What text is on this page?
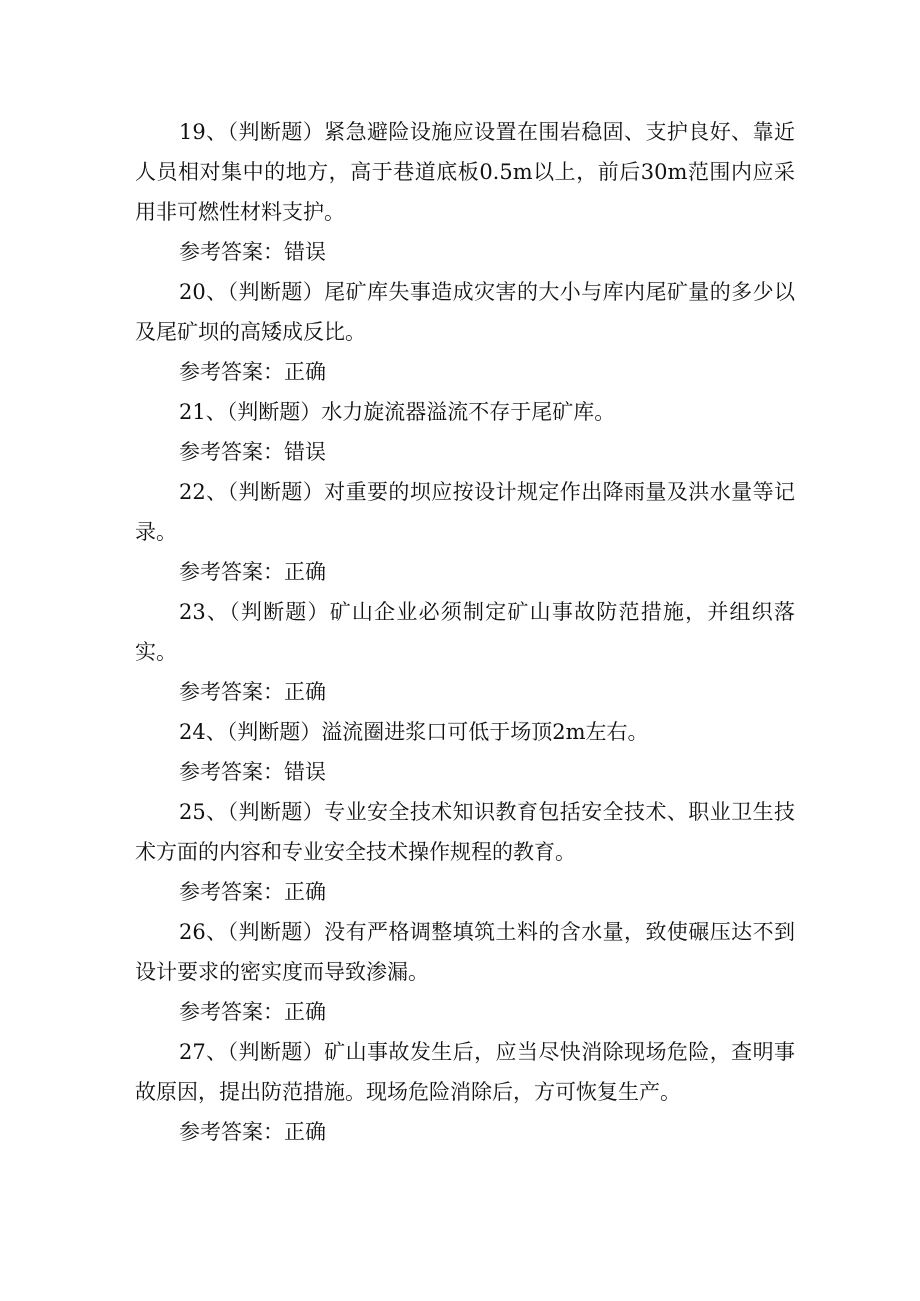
19、（判断题）紧急避险设施应设置在围岩稳固、支护良好、靠近人员相对集中的地方，高于巷道底板0.5m以上，前后30m范围内应采用非可燃性材料支护。

参考答案：错误

20、（判断题）尾矿库失事造成灾害的大小与库内尾矿量的多少以及尾矿坝的高矮成反比。

参考答案：正确

21、（判断题）水力旋流器溢流不存于尾矿库。

参考答案：错误

22、（判断题）对重要的坝应按设计规定作出降雨量及洪水量等记录。

参考答案：正确

23、（判断题）矿山企业必须制定矿山事故防范措施，并组织落实。

参考答案：正确

24、（判断题）溢流圈进浆口可低于场顶2m左右。

参考答案：错误

25、（判断题）专业安全技术知识教育包括安全技术、职业卫生技术方面的内容和专业安全技术操作规程的教育。

参考答案：正确

26、（判断题）没有严格调整填筑土料的含水量，致使碾压达不到设计要求的密实度而导致渗漏。

参考答案：正确

27、（判断题）矿山事故发生后，应当尽快消除现场危险，查明事故原因，提出防范措施。现场危险消除后，方可恢复生产。

参考答案：正确
